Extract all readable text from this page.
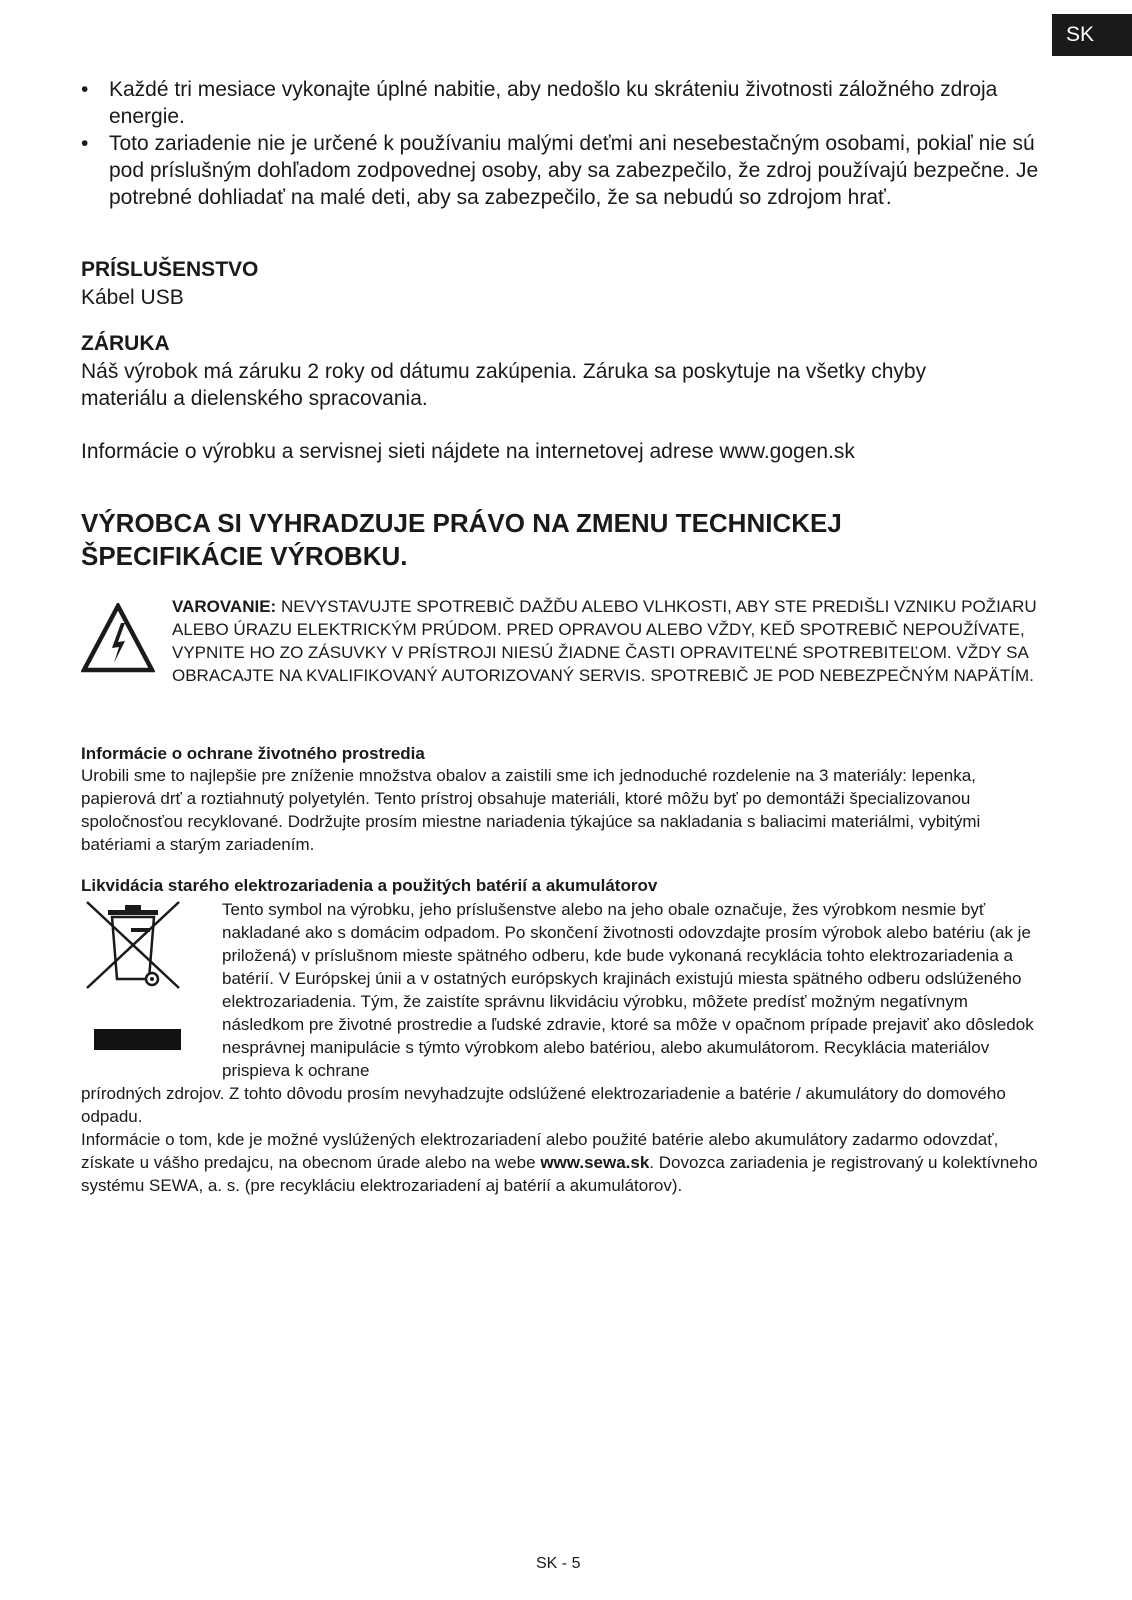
SK
• Každé tri mesiace vykonajte úplné nabitie, aby nedošlo ku skráteniu životnosti záložného zdroja energie.
• Toto zariadenie nie je určené k používaniu malými deťmi ani nesebestačným osobami, pokiaľ nie sú pod príslušným dohľadom zodpovednej osoby, aby sa zabezpečilo, že zdroj používajú bezpečne. Je potrebné dohliadať na malé deti, aby sa zabezpečilo, že sa nebudú so zdrojom hrať.
PRÍSLUŠENSTVO
Kábel USB
ZÁRUKA
Náš výrobok má záruku 2 roky od dátumu zakúpenia. Záruka sa poskytuje na všetky chyby materiálu a dielenského spracovania.
Informácie o výrobku a servisnej sieti nájdete na internetovej adrese www.gogen.sk
VÝROBCA SI VYHRADZUJE PRÁVO NA ZMENU TECHNICKEJ
ŠPECIFIKÁCIE VÝROBKU.
VAROVANIE: NEVYSTAVUJTE SPOTREBIČ DAŽĎU ALEBO VLHKOSTI, ABY STE PREDIŠLI VZNIKU POŽIARU ALEBO ÚRAZU ELEKTRICKÝM PRÚDOM. PRED OPRAVOU ALEBO VŽDY, KEĎ SPOTREBIČ NEPOUŽÍVATE, VYPNITE HO ZO ZÁSUVKY V PRÍSTROJI NIESÚ ŽIADNE ČASTI OPRAVITEĽNÉ SPOTREBITEĽOM. VŽDY SA OBRACAJTE NA KVALIFIKOVANÝ AUTORIZOVANÝ SERVIS. SPOTREBIČ JE POD NEBEZPEČNÝM NAPÄTÍM.
Informácie o ochrane životného prostredia
Urobili sme to najlepšie pre zníženie množstva obalov a zaistili sme ich jednoduché rozdelenie na 3 materiály: lepenka, papierová drť a roztiahnutý polyetylén. Tento prístroj obsahuje materiáli, ktoré môžu byť po demontáži špecializovanou spoločnosťou recyklované. Dodržujte prosím miestne nariadenia týkajúce sa nakladania s baliacimi materiálmi, vybitými batériami a starým zariadením.
Likvidácia starého elektrozariadenia a použitých batérií a akumulátorov
Tento symbol na výrobku, jeho príslušenstve alebo na jeho obale označuje, žes výrobkom nesmie byť nakladané ako s domácim odpadom. Po skončení životnosti odovzdajte prosím výrobok alebo batériu (ak je priložená) v príslušnom mieste spätného odberu, kde bude vykonaná recyklácia tohto elektrozariadenia a batérií. V Európskej únii a v ostatných európskych krajinách existujú miesta spätného odberu odslúženého elektrozariadenia. Tým, že zaistíte správnu likvidáciu výrobku, môžete predísť možným negatívnym následkom pre životné prostredie a ľudské zdravie, ktoré sa môže v opačnom prípade prejaviť ako dôsledok nesprávnej manipulácie s týmto výrobkom alebo batériou, alebo akumulátorom. Recyklácia materiálov prispieva k ochrane
prírodných zdrojov. Z tohto dôvodu prosím nevyhadzujte odslúžené elektrozariadenie a batérie / akumulátory do domového odpadu.
Informácie o tom, kde je možné vyslúžených elektrozariadení alebo použité batérie alebo akumulátory zadarmo odovzdať, získate u vášho predajcu, na obecnom úrade alebo na webe www.sewa.sk. Dovozca zariadenia je registrovaný u kolektívneho systému SEWA, a. s. (pre recykláciu elektrozariadení aj batérií a akumulátorov).
SK - 5
